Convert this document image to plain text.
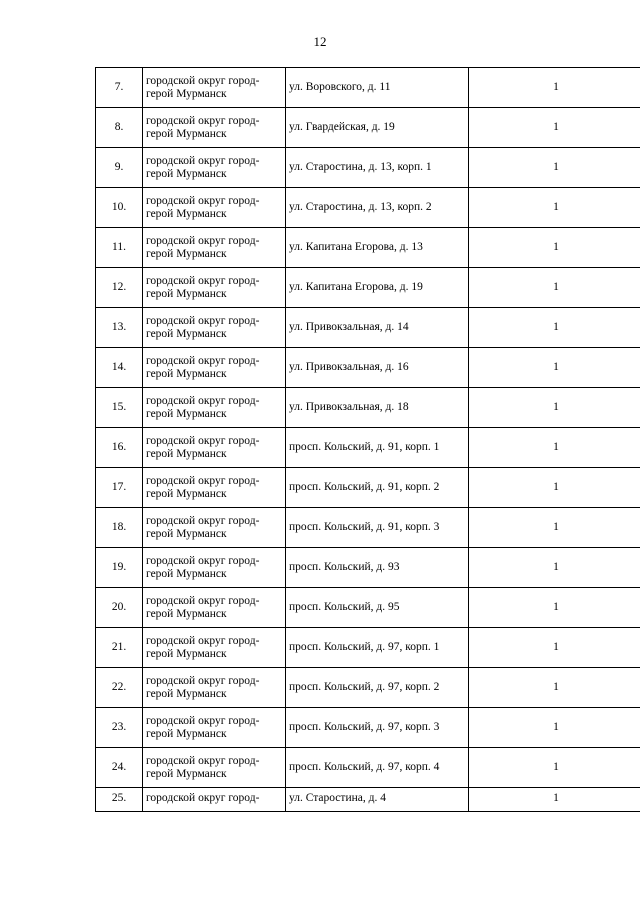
12
7.	городской округ город-
герой Мурманск	ул. Воровского, д. 11	1
8.	городской округ город-
герой Мурманск	ул. Гвардейская, д. 19	1
9.	городской округ город-
герой Мурманск	ул. Старостина, д. 13, корп. 1	1
10.	городской округ город-
герой Мурманск	ул. Старостина, д. 13, корп. 2	1
11.	городской округ город-
герой Мурманск	ул. Капитана Егорова, д. 13	1
12.	городской округ город-
герой Мурманск	ул. Капитана Егорова, д. 19	1
13.	городской округ город-
герой Мурманск	ул. Привокзальная, д. 14	1
14.	городской округ город-
герой Мурманск	ул. Привокзальная, д. 16	1
15.	городской округ город-
герой Мурманск	ул. Привокзальная, д. 18	1
16.	городской округ город-
герой Мурманск	просп. Кольский, д. 91, корп. 1	1
17.	городской округ город-
герой Мурманск	просп. Кольский, д. 91, корп. 2	1
18.	городской округ город-
герой Мурманск	просп. Кольский, д. 91, корп. 3	1
19.	городской округ город-
герой Мурманск	просп. Кольский, д. 93	1
20.	городской округ город-
герой Мурманск	просп. Кольский, д. 95	1
21.	городской округ город-
герой Мурманск	просп. Кольский, д. 97, корп. 1	1
22.	городской округ город-
герой Мурманск	просп. Кольский, д. 97, корп. 2	1
23.	городской округ город-
герой Мурманск	просп. Кольский, д. 97, корп. 3	1
24.	городской округ город-
герой Мурманск	просп. Кольский, д. 97, корп. 4	1
25.	городской округ город-	ул. Старостина, д. 4	1
